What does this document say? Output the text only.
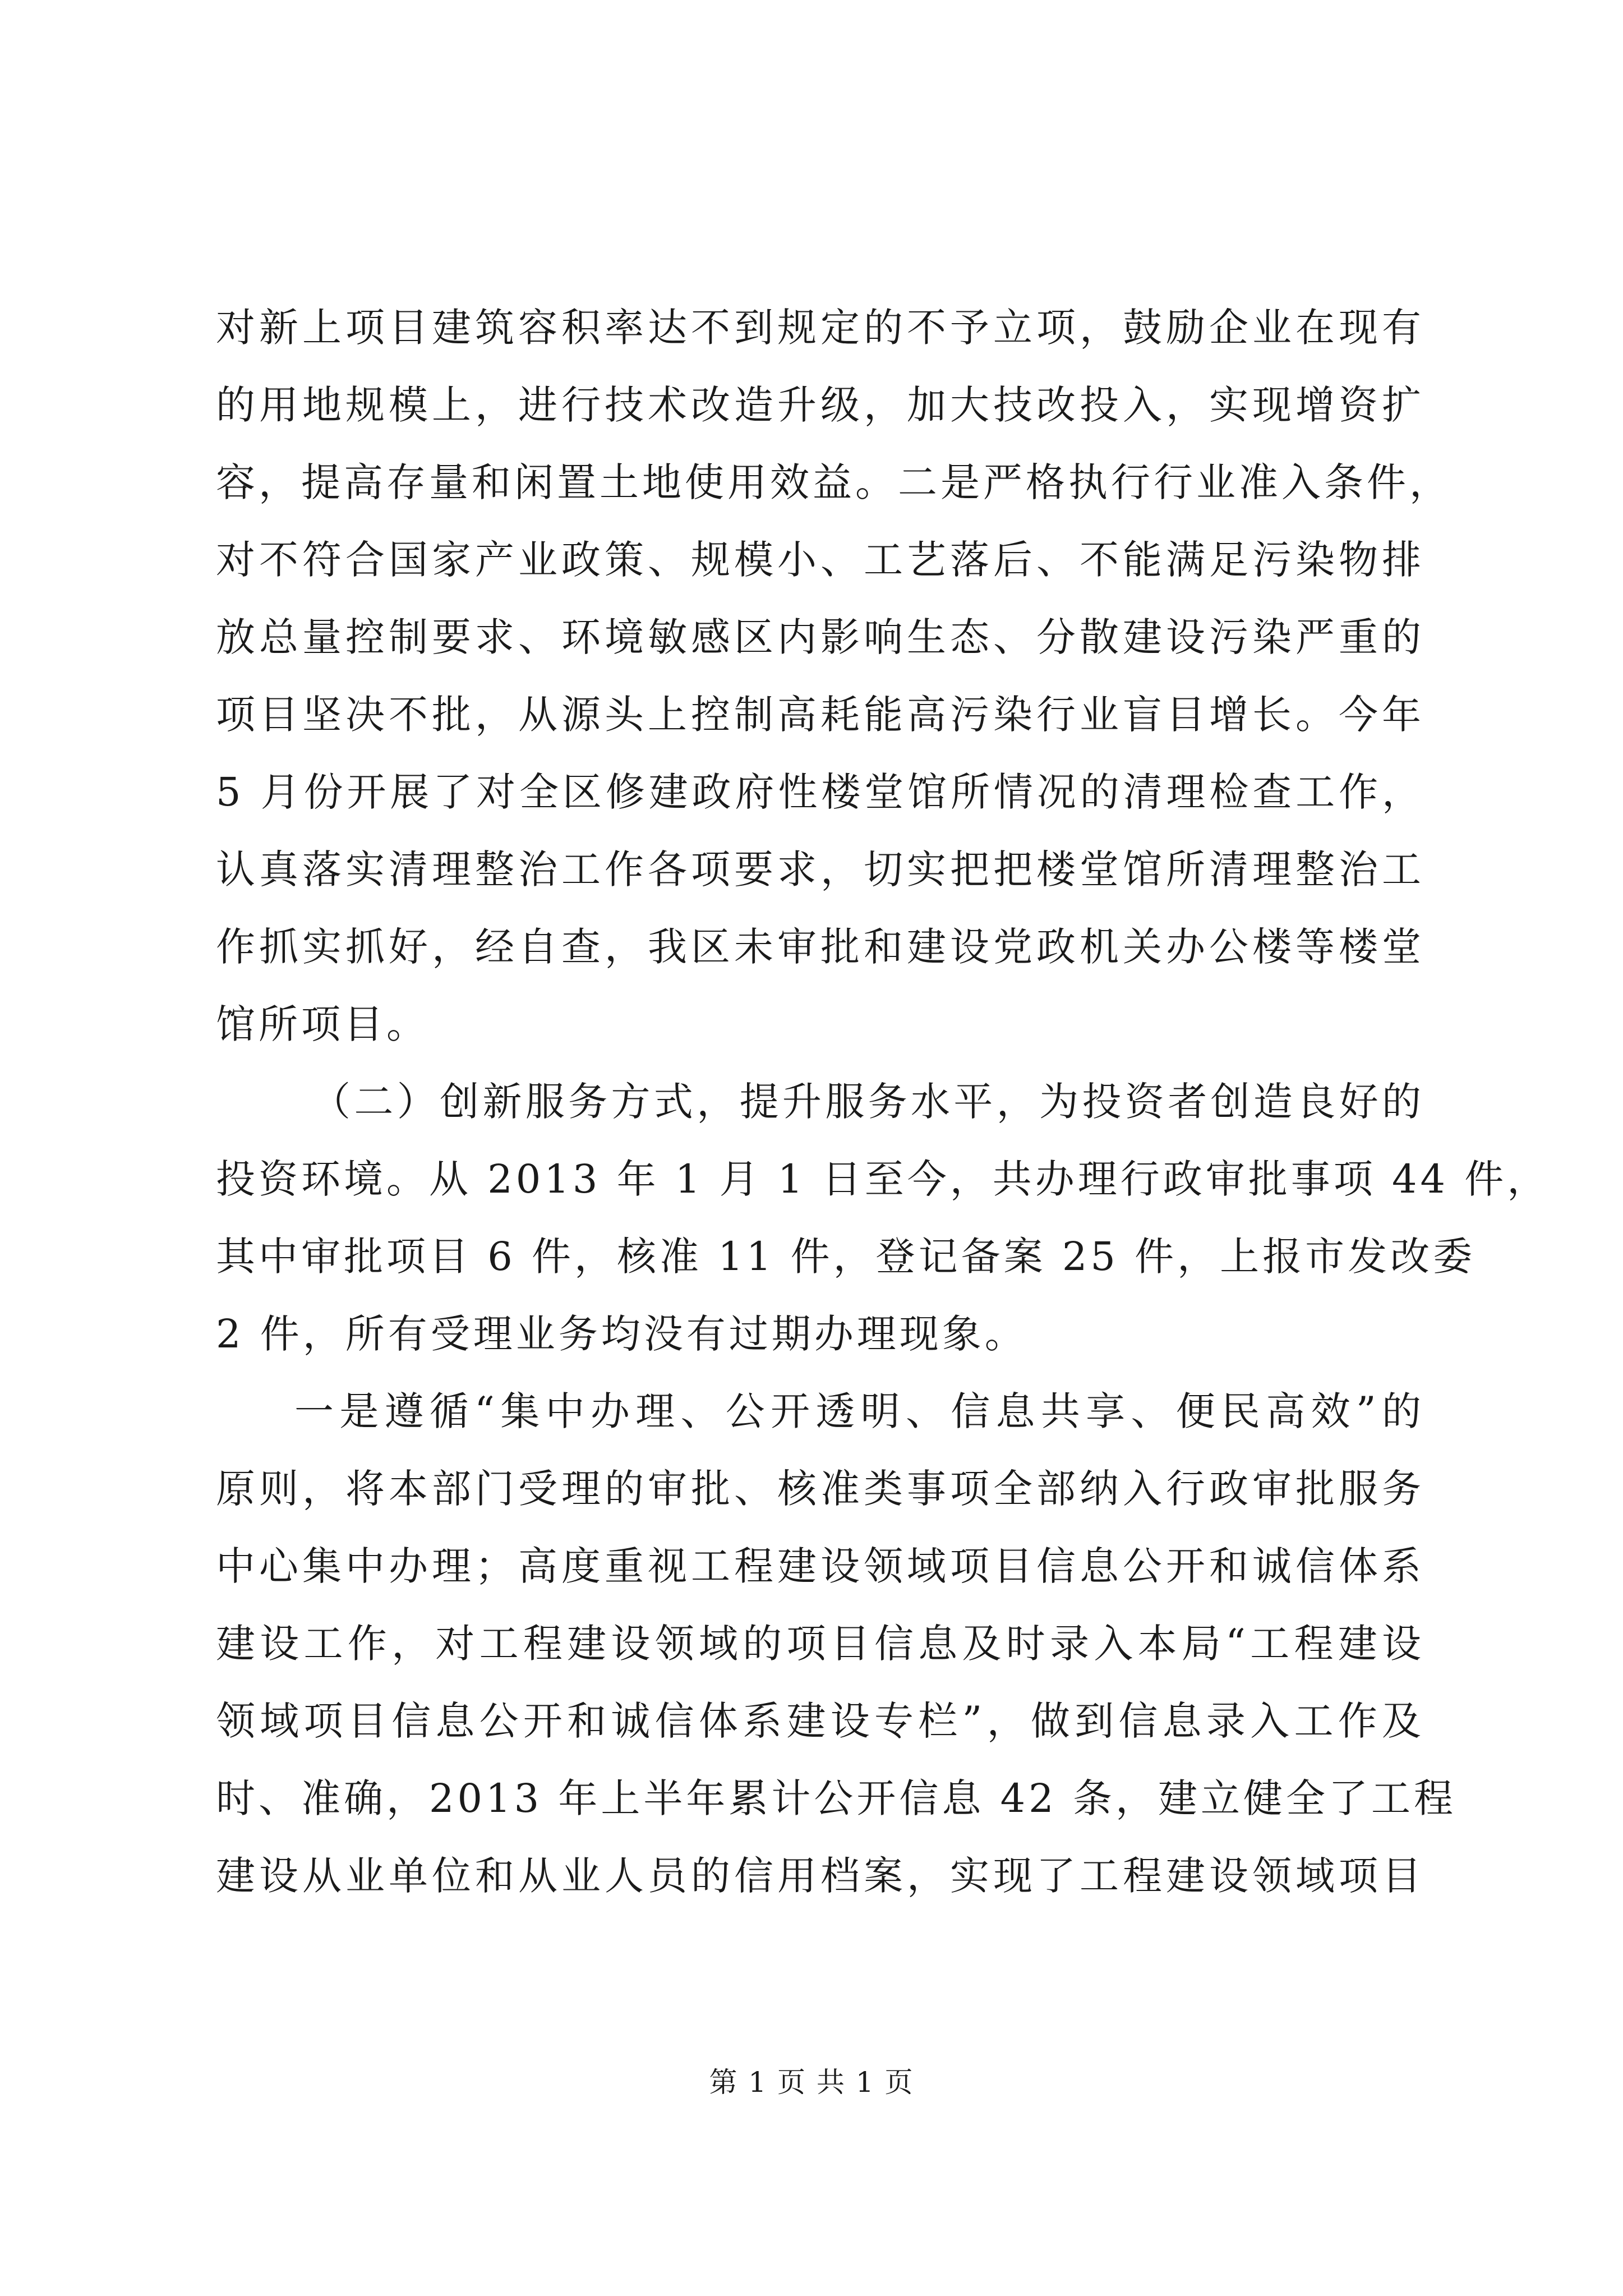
对新上项目建筑容积率达不到规定的不予立项，鼓励企业在现有
的用地规模上，进行技术改造升级，加大技改投入，实现增资扩
容，提高存量和闲置土地使用效益。二是严格执行行业准入条件，
对不符合国家产业政策、规模小、工艺落后、不能满足污染物排
放总量控制要求、环境敏感区内影响生态、分散建设污染严重的
项目坚决不批，从源头上控制高耗能高污染行业盲目增长。今年
5 月份开展了对全区修建政府性楼堂馆所情况的清理检查工作，
认真落实清理整治工作各项要求，切实把把楼堂馆所清理整治工
作抓实抓好，经自查，我区未审批和建设党政机关办公楼等楼堂
馆所项目。
（二）创新服务方式，提升服务水平，为投资者创造良好的
投资环境。从 2013 年 1 月 1 日至今，共办理行政审批事项 44 件，
其中审批项目 6 件，核准 11 件，登记备案 25 件，上报市发改委
2 件，所有受理业务均没有过期办理现象。
一是遵循“集中办理、公开透明、信息共享、便民高效”的
原则，将本部门受理的审批、核准类事项全部纳入行政审批服务
中心集中办理；高度重视工程建设领域项目信息公开和诚信体系
建设工作，对工程建设领域的项目信息及时录入本局“工程建设
领域项目信息公开和诚信体系建设专栏”，做到信息录入工作及
时、准确，2013 年上半年累计公开信息 42 条，建立健全了工程
建设从业单位和从业人员的信用档案，实现了工程建设领域项目
第 1 页 共 1 页
